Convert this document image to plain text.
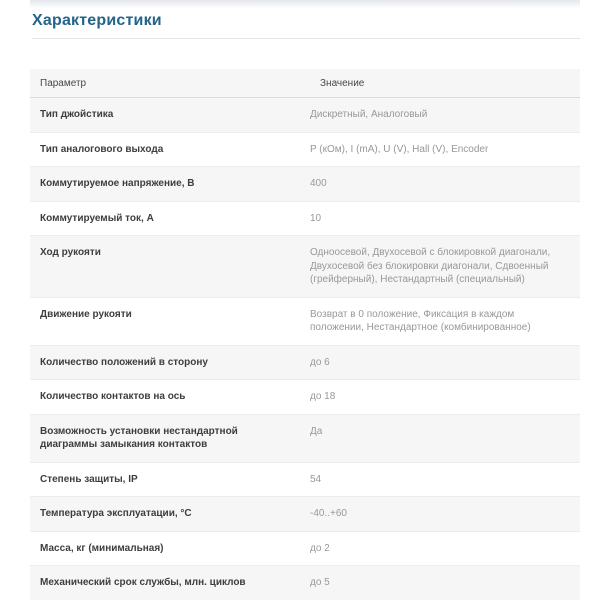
Характеристики
Параметр	Значение
Тип джойстика	Дискретный, Аналоговый
Тип аналогового выхода	P (кОм), I (mA), U (V), Hall (V), Encoder
Коммутируемое напряжение, В	400
Коммутируемый ток, А	10
Ход рукояти	Одноосевой, Двухосевой с блокировкой диагонали, Двухосевой без блокировки диагонали, Сдвоенный (грейферный), Нестандартный (специальный)
Движение рукояти	Возврат в 0 положение, Фиксация в каждом положении, Нестандартное (комбинированное)
Количество положений в сторону	до 6
Количество контактов на ось	до 18
Возможность установки нестандартной диаграммы замыкания контактов	Да
Степень защиты, IP	54
Температура эксплуатации, °С	-40..+60
Масса, кг (минимальная)	до 2
Механический срок службы, млн. циклов	до 5
